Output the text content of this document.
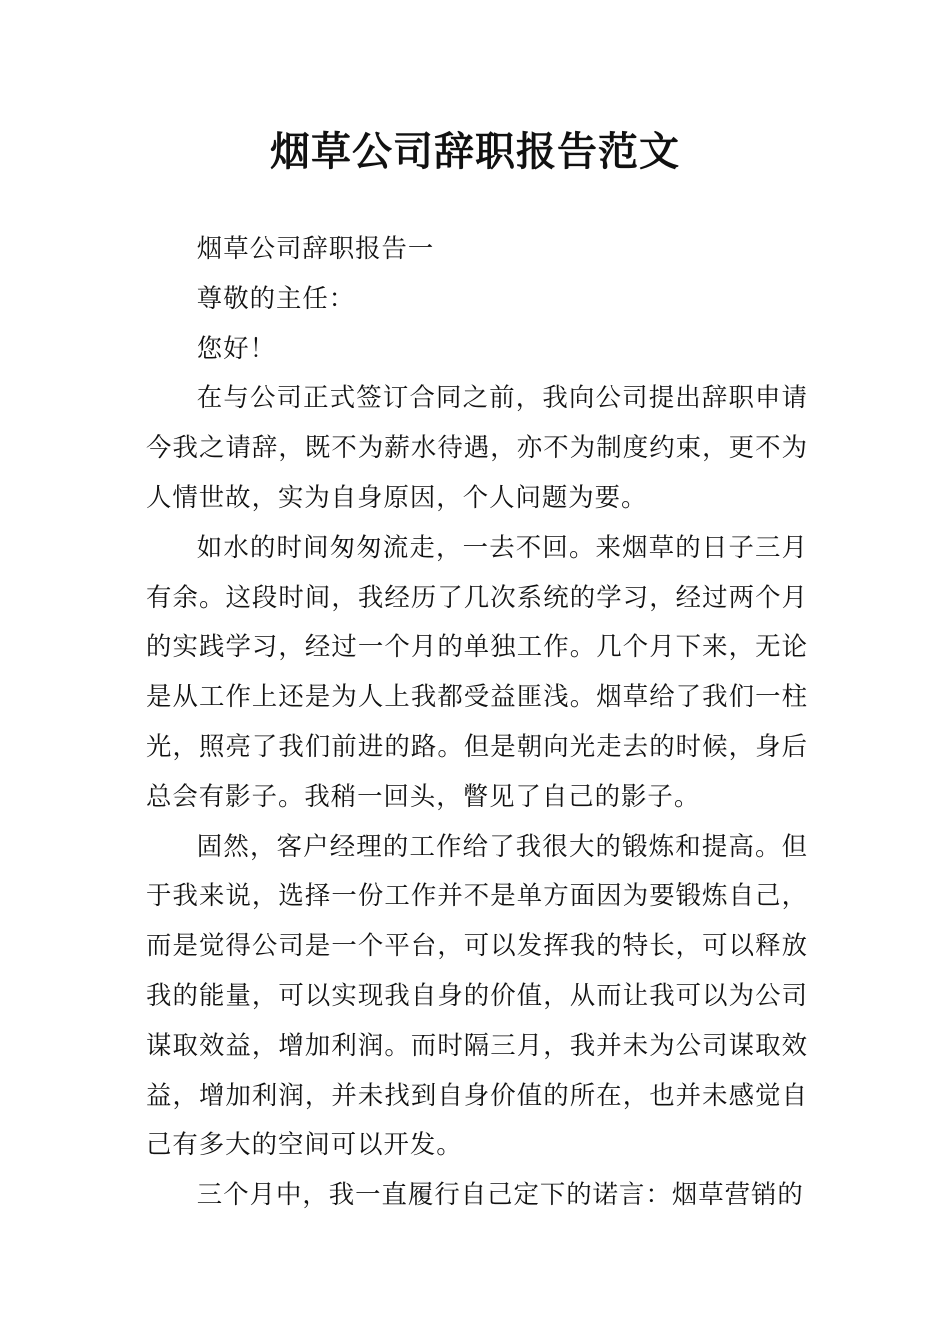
烟草公司辞职报告范文

烟草公司辞职报告一

尊敬的主任：

您好！

在与公司正式签订合同之前，我向公司提出辞职申请今我之请辞，既不为薪水待遇，亦不为制度约束，更不为人情世故，实为自身原因，个人问题为要。

如水的时间匆匆流走，一去不回。来烟草的日子三月有余。这段时间，我经历了几次系统的学习，经过两个月的实践学习，经过一个月的单独工作。几个月下来，无论是从工作上还是为人上我都受益匪浅。烟草给了我们一柱光，照亮了我们前进的路。但是朝向光走去的时候，身后总会有影子。我稍一回头，瞥见了自己的影子。

固然，客户经理的工作给了我很大的锻炼和提高。但于我来说，选择一份工作并不是单方面因为要锻炼自己，而是觉得公司是一个平台，可以发挥我的特长，可以释放我的能量，可以实现我自身的价值，从而让我可以为公司谋取效益，增加利润。而时隔三月，我并未为公司谋取效益，增加利润，并未找到自身价值的所在，也并未感觉自己有多大的空间可以开发。

三个月中，我一直履行自己定下的诺言：烟草营销的
